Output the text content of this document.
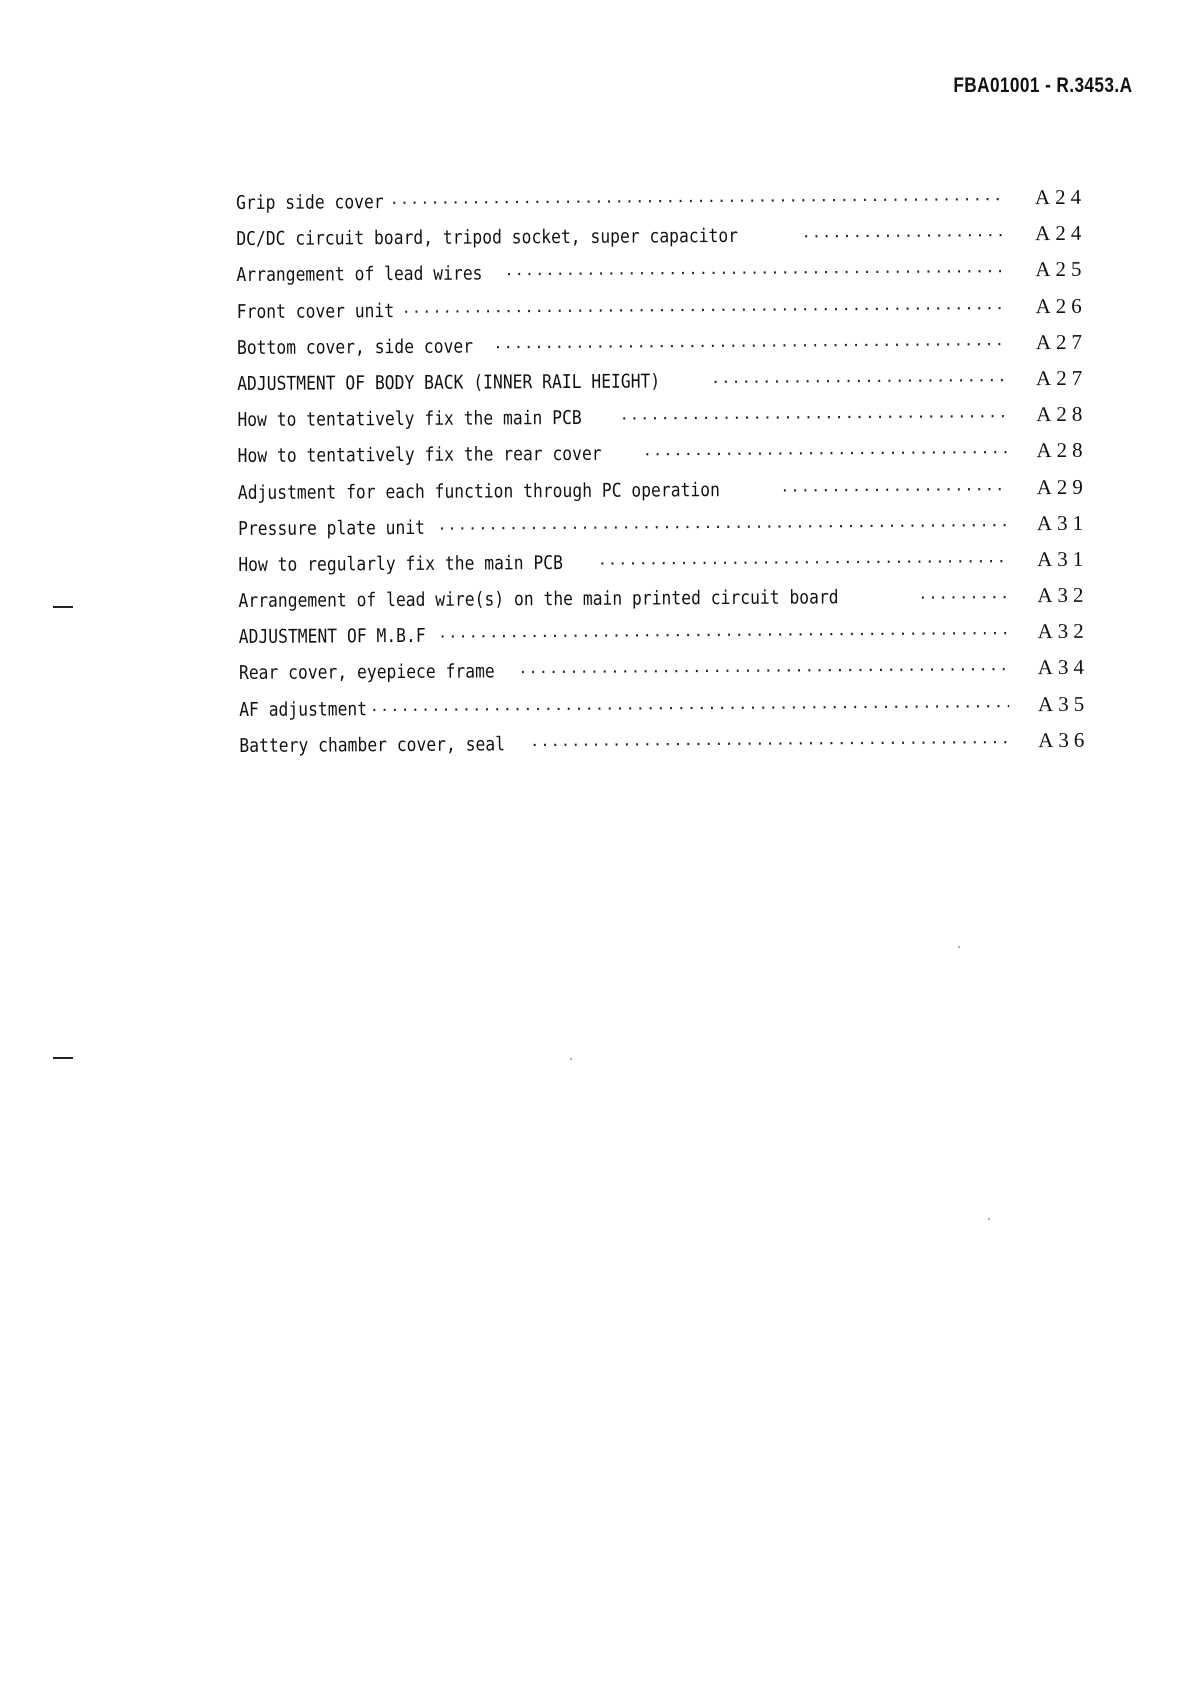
FBA01001 - R.3453.A
Grip side cover ·····	A24
DC/DC circuit board, tripod socket, super capacitor ·····	A24
Arrangement of lead wires ·····	A25
Front cover unit ·····	A26
Bottom cover, side cover ·····	A27
ADJUSTMENT OF BODY BACK (INNER RAIL HEIGHT) ·····	A27
How to tentatively fix the main PCB ·····	A28
How to tentatively fix the rear cover ·····	A28
Adjustment for each function through PC operation ·····	A29
Pressure plate unit ·····	A31
How to regularly fix the main PCB ·····	A31
Arrangement of lead wire(s) on the main printed circuit board ·····	A32
ADJUSTMENT OF M.B.F ·····	A32
Rear cover, eyepiece frame ·····	A34
AF adjustment ·····	A35
Battery chamber cover, seal ·····	A36
